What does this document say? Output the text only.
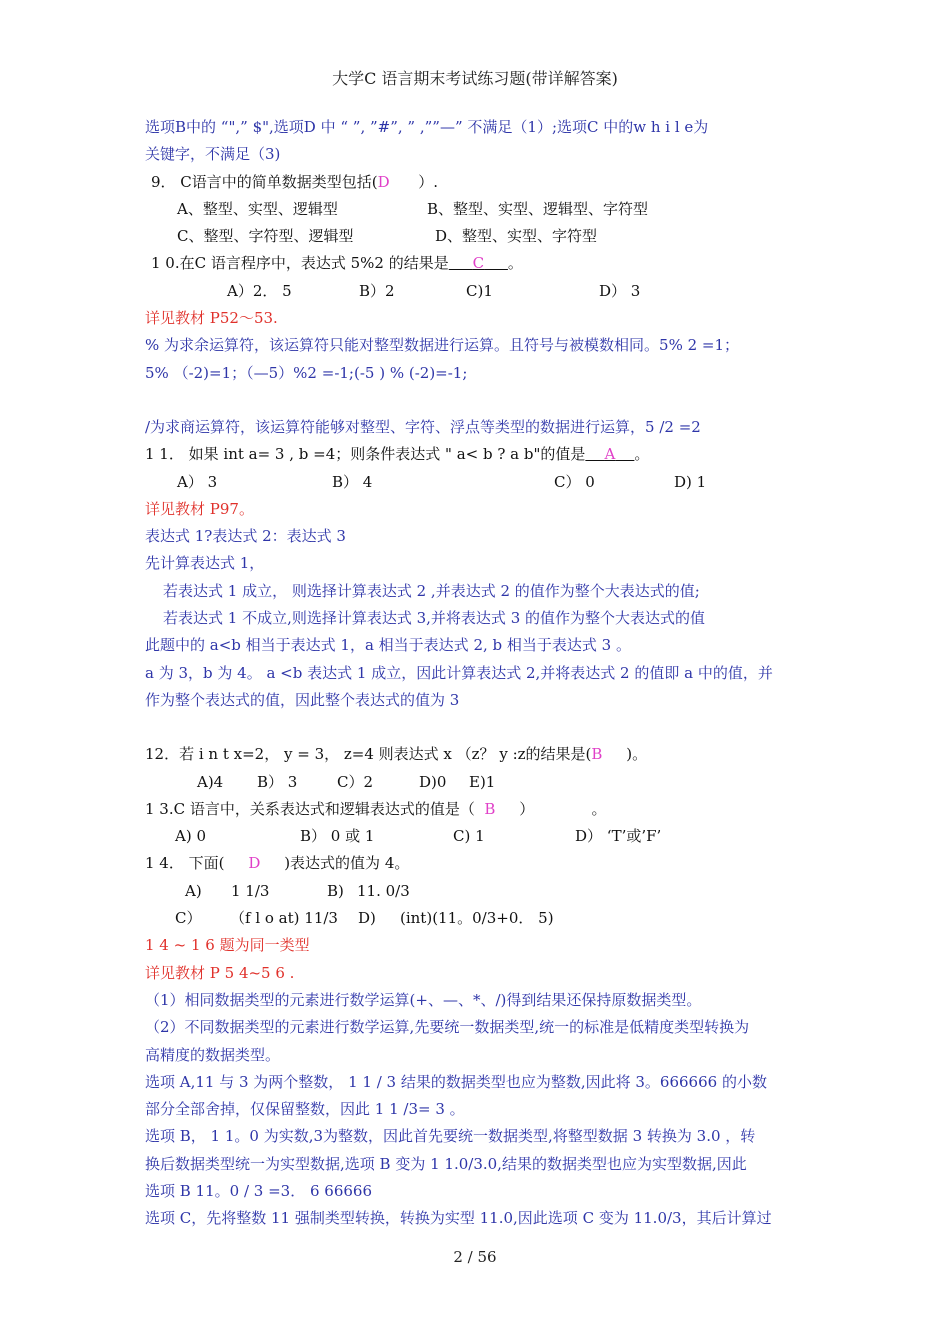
大学C 语言期末考试练习题(带详解答案)
选项B中的 “",” $",选项D 中 “ ”, ”#”, ” ,””—” 不满足（1）;选项C 中的w h i l e为
关键字，不满足（3)
9． C语言中的简单数据类型包括(D ）.
A、整型、实型、逻辑型	B、整型、实型、逻辑型、字符型
C、整型、字符型、逻辑型	D、整型、实型、字符型
1 0.在C 语言程序中，表达式 5%2 的结果是 C 。
A）2． 5	B）2	C)1	D） 3
详见教材 P52～53.
% 为求余运算符，该运算符只能对整型数据进行运算。且符号与被模数相同。5% 2 =1；
5% （-2)=1；（—5）%2 =-1;(-5 ) % (-2)=-1;
/为求商运算符，该运算符能够对整型、字符、浮点等类型的数据进行运算，5 /2 =2
1 1． 如果 int a= 3 , b =4；则条件表达式 " a< b ? a b"的值是 A 。
A） 3	B） 4	C） 0	D) 1
详见教材 P97。
表达式 1?表达式 2：表达式 3
先计算表达式 1，
若表达式 1 成立， 则选择计算表达式 2 ,并表达式 2 的值作为整个大表达式的值;
若表达式 1 不成立,则选择计算表达式 3,并将表达式 3 的值作为整个大表达式的值
此题中的 a<b 相当于表达式 1，a 相当于表达式 2, b 相当于表达式 3 。
a 为 3，b 为 4。 a <b 表达式 1 成立，因此计算表达式 2,并将表达式 2 的值即 a 中的值，并
作为整个表达式的值，因此整个表达式的值为 3
12．若 i n t x=2， y = 3， z=4 则表达式 x （z？ y :z的结果是(B )。
A)4 B） 3	C）2	D)0 E)1
1 3.C 语言中，关系表达式和逻辑表达式的值是（ B ）	。
A) 0	B） 0 或 1	C) 1	D） ‘T’或’F’
1 4． 下面( D )表达式的值为 4。
A) 1 1/3	B) 11. 0/3
C） （f l o at) 11/3 D) (int)(11。0/3+0． 5)
1 4 ~ 1 6 题为同一类型
详见教材 P 5 4~5 6 .
（1）相同数据类型的元素进行数学运算(+、—、*、/)得到结果还保持原数据类型。
（2）不同数据类型的元素进行数学运算,先要统一数据类型,统一的标准是低精度类型转换为
高精度的数据类型。
选项 A,11 与 3 为两个整数， 1 1 / 3 结果的数据类型也应为整数,因此将 3。666666 的小数
部分全部舍掉，仅保留整数，因此 1 1 /3= 3 。
选项 B， 1 1。0 为实数,3为整数，因此首先要统一数据类型,将整型数据 3 转换为 3.0 ，转
换后数据类型统一为实型数据,选项 B 变为 1 1.0/3.0,结果的数据类型也应为实型数据,因此
选项 B 11。0 / 3 =3． 6 66666
选项 C，先将整数 11 强制类型转换，转换为实型 11.0,因此选项 C 变为 11.0/3，其后计算过
2 / 56
